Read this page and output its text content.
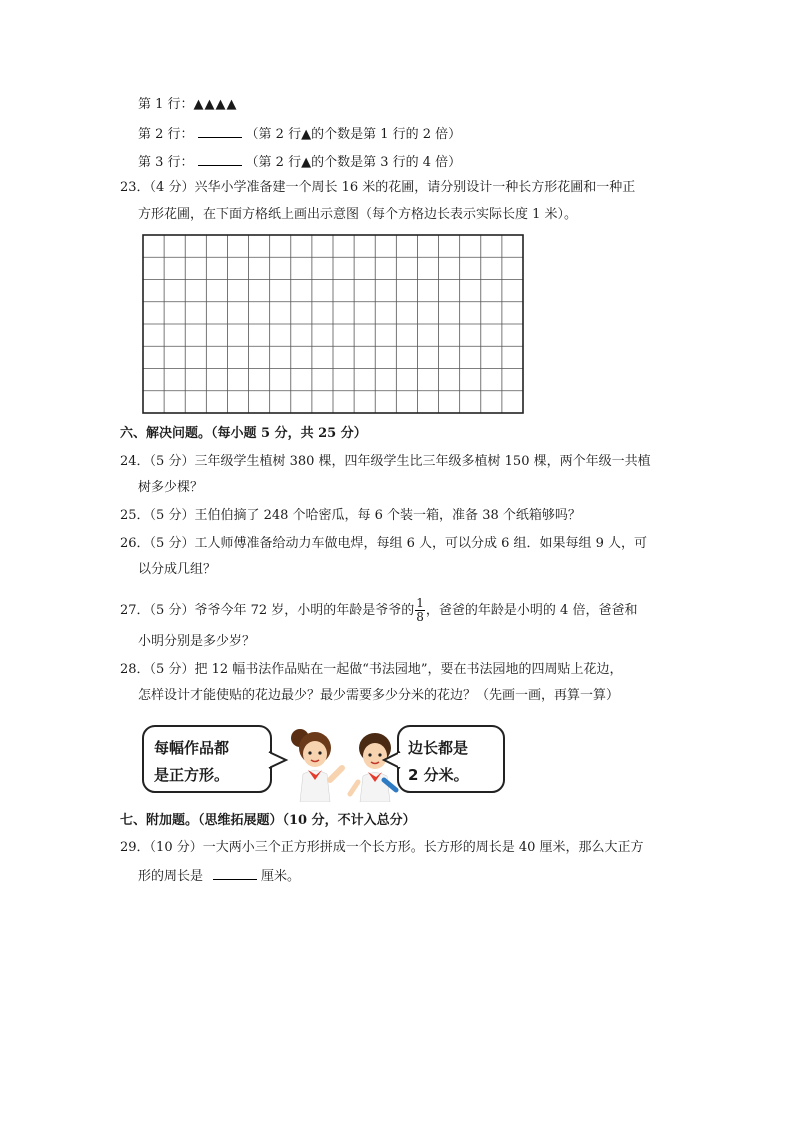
第 1 行：▲▲▲▲
第 2 行：	（第 2 行▲的个数是第 1 行的 2 倍）
第 3 行：	（第 2 行▲的个数是第 3 行的 4 倍）
23．（4 分）兴华小学准备建一个周长 16 米的花圃，请分别设计一种长方形花圃和一种正
方形花圃，在下面方格纸上画出示意图（每个方格边长表示实际长度 1 米）。
六、解决问题。（每小题 5 分，共 25 分）
24．（5 分）三年级学生植树 380 棵，四年级学生比三年级多植树 150 棵，两个年级一共植
树多少棵？
25．（5 分）王伯伯摘了 248 个哈密瓜，每 6 个装一箱，准备 38 个纸箱够吗？
26．（5 分）工人师傅准备给动力车做电焊，每组 6 人，可以分成 6 组．如果每组 9 人，可
以分成几组？
27．（5 分）爷爷今年 72 岁，小明的年龄是爷爷的 $\frac{1}{8}$ ，爸爸的年龄是小明的 4 倍，爸爸和
小明分别是多少岁？
28．（5 分）把 12 幅书法作品贴在一起做“书法园地”，要在书法园地的四周贴上花边，
怎样设计才能使贴的花边最少？最少需要多少分米的花边？（先画一画，再算一算）
每幅作品都
是正方形。
边长都是
2 分米。
七、附加题。（思维拓展题）（10 分，不计入总分）
29．（10 分）一大两小三个正方形拼成一个长方形。长方形的周长是 40 厘米，那么大正方
形的周长是	厘米。
